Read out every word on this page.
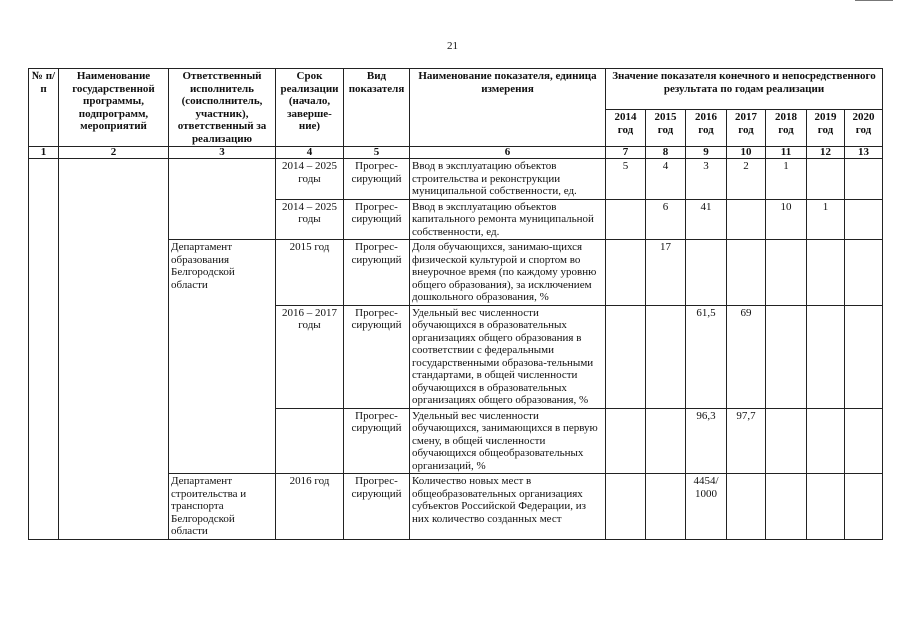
21
№ п/п	Наименование государственной программы, подпрограмм, мероприятий	Ответственный исполнитель (соисполнитель, участник), ответственный за реализацию	Срок реализации (начало, заверше-ние)	Вид показателя	Наименование показателя, единица измерения	Значение показателя конечного и непосредственного результата по годам реализации						
						2014 год	2015 год	2016 год	2017 год	2018 год	2019 год	2020 год
1	2	3	4	5	6	7	8	9	10	11	12	13
			2014 – 2025 годы	Прогрес-сирующий	Ввод в эксплуатацию объектов строительства и реконструкции муниципальной собственности, ед.	5	4	3	2	1		
			2014 – 2025 годы	Прогрес-сирующий	Ввод в эксплуатацию объектов капитального ремонта муниципальной собственности, ед.		6	41		10	1	
		Департамент образования Белгородской области	2015 год	Прогрес-сирующий	Доля обучающихся, занимаю-щихся физической культурой и спортом во внеурочное время (по каждому уровню общего образования), за исключением дошкольного образования, %		17					
			2016 – 2017 годы	Прогрес-сирующий	Удельный вес численности обучающихся в образовательных организациях общего образования в соответствии с федеральными государственными образова-тельными стандартами, в общей численности обучающихся в образовательных организациях общего образования, %			61,5	69			
				Прогрес-сирующий	Удельный вес численности обучающихся, занимающихся в первую смену, в общей численности обучающихся общеобразовательных организаций, %			96,3	97,7			
		Департамент строительства и транспорта Белгородской области	2016 год	Прогрес-сирующий	Количество новых мест в общеобразовательных организациях субъектов Российской Федерации, из них количество созданных мест			4454/ 1000				
